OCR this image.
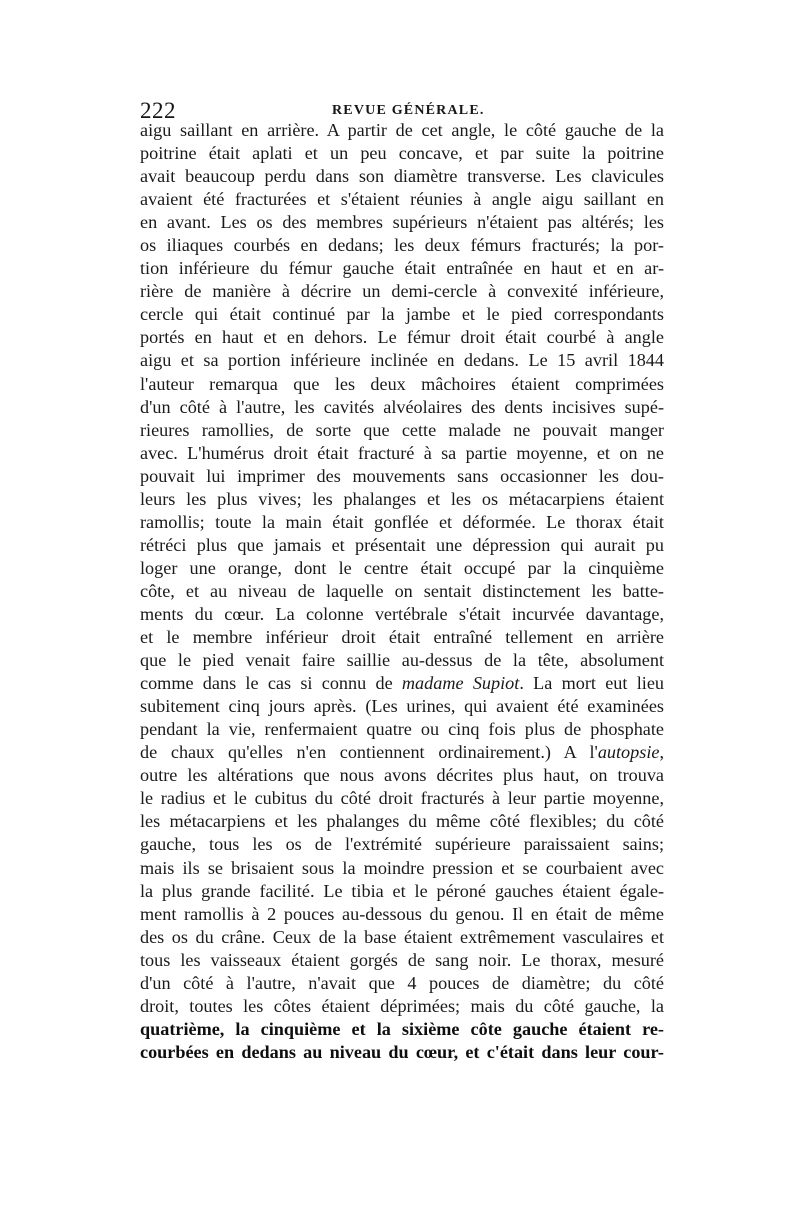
222	REVUE GÉNÉRALE.
aigu saillant en arrière. A partir de cet angle, le côté gauche de la
poitrine était aplati et un peu concave, et par suite la poitrine
avait beaucoup perdu dans son diamètre transverse. Les clavicules
avaient été fracturées et s'étaient réunies à angle aigu saillant en
en avant. Les os des membres supérieurs n'étaient pas altérés; les
os iliaques courbés en dedans; les deux fémurs fracturés; la por-
tion inférieure du fémur gauche était entraînée en haut et en ar-
rière de manière à décrire un demi-cercle à convexité inférieure,
cercle qui était continué par la jambe et le pied correspondants
portés en haut et en dehors. Le fémur droit était courbé à angle
aigu et sa portion inférieure inclinée en dedans. Le 15 avril 1844
l'auteur remarqua que les deux mâchoires étaient comprimées
d'un côté à l'autre, les cavités alvéolaires des dents incisives supé-
rieures ramollies, de sorte que cette malade ne pouvait manger
avec. L'humérus droit était fracturé à sa partie moyenne, et on ne
pouvait lui imprimer des mouvements sans occasionner les dou-
leurs les plus vives; les phalanges et les os métacarpiens étaient
ramollis; toute la main était gonflée et déformée. Le thorax était
rétréci plus que jamais et présentait une dépression qui aurait pu
loger une orange, dont le centre était occupé par la cinquième
côte, et au niveau de laquelle on sentait distinctement les batte-
ments du cœur. La colonne vertébrale s'était incurvée davantage,
et le membre inférieur droit était entraîné tellement en arrière
que le pied venait faire saillie au-dessus de la tête, absolument
comme dans le cas si connu de madame Supiot. La mort eut lieu
subitement cinq jours après. (Les urines, qui avaient été examinées
pendant la vie, renfermaient quatre ou cinq fois plus de phosphate
de chaux qu'elles n'en contiennent ordinairement.) A l'autopsie,
outre les altérations que nous avons décrites plus haut, on trouva
le radius et le cubitus du côté droit fracturés à leur partie moyenne,
les métacarpiens et les phalanges du même côté flexibles; du côté
gauche, tous les os de l'extrémité supérieure paraissaient sains;
mais ils se brisaient sous la moindre pression et se courbaient avec
la plus grande facilité. Le tibia et le péroné gauches étaient égale-
ment ramollis à 2 pouces au-dessous du genou. Il en était de même
des os du crâne. Ceux de la base étaient extrêmement vasculaires et
tous les vaisseaux étaient gorgés de sang noir. Le thorax, mesuré
d'un côté à l'autre, n'avait que 4 pouces de diamètre; du côté
droit, toutes les côtes étaient déprimées; mais du côté gauche, la
quatrième, la cinquième et la sixième côte gauche étaient re-
courbées en dedans au niveau du cœur, et c'était dans leur cour-
